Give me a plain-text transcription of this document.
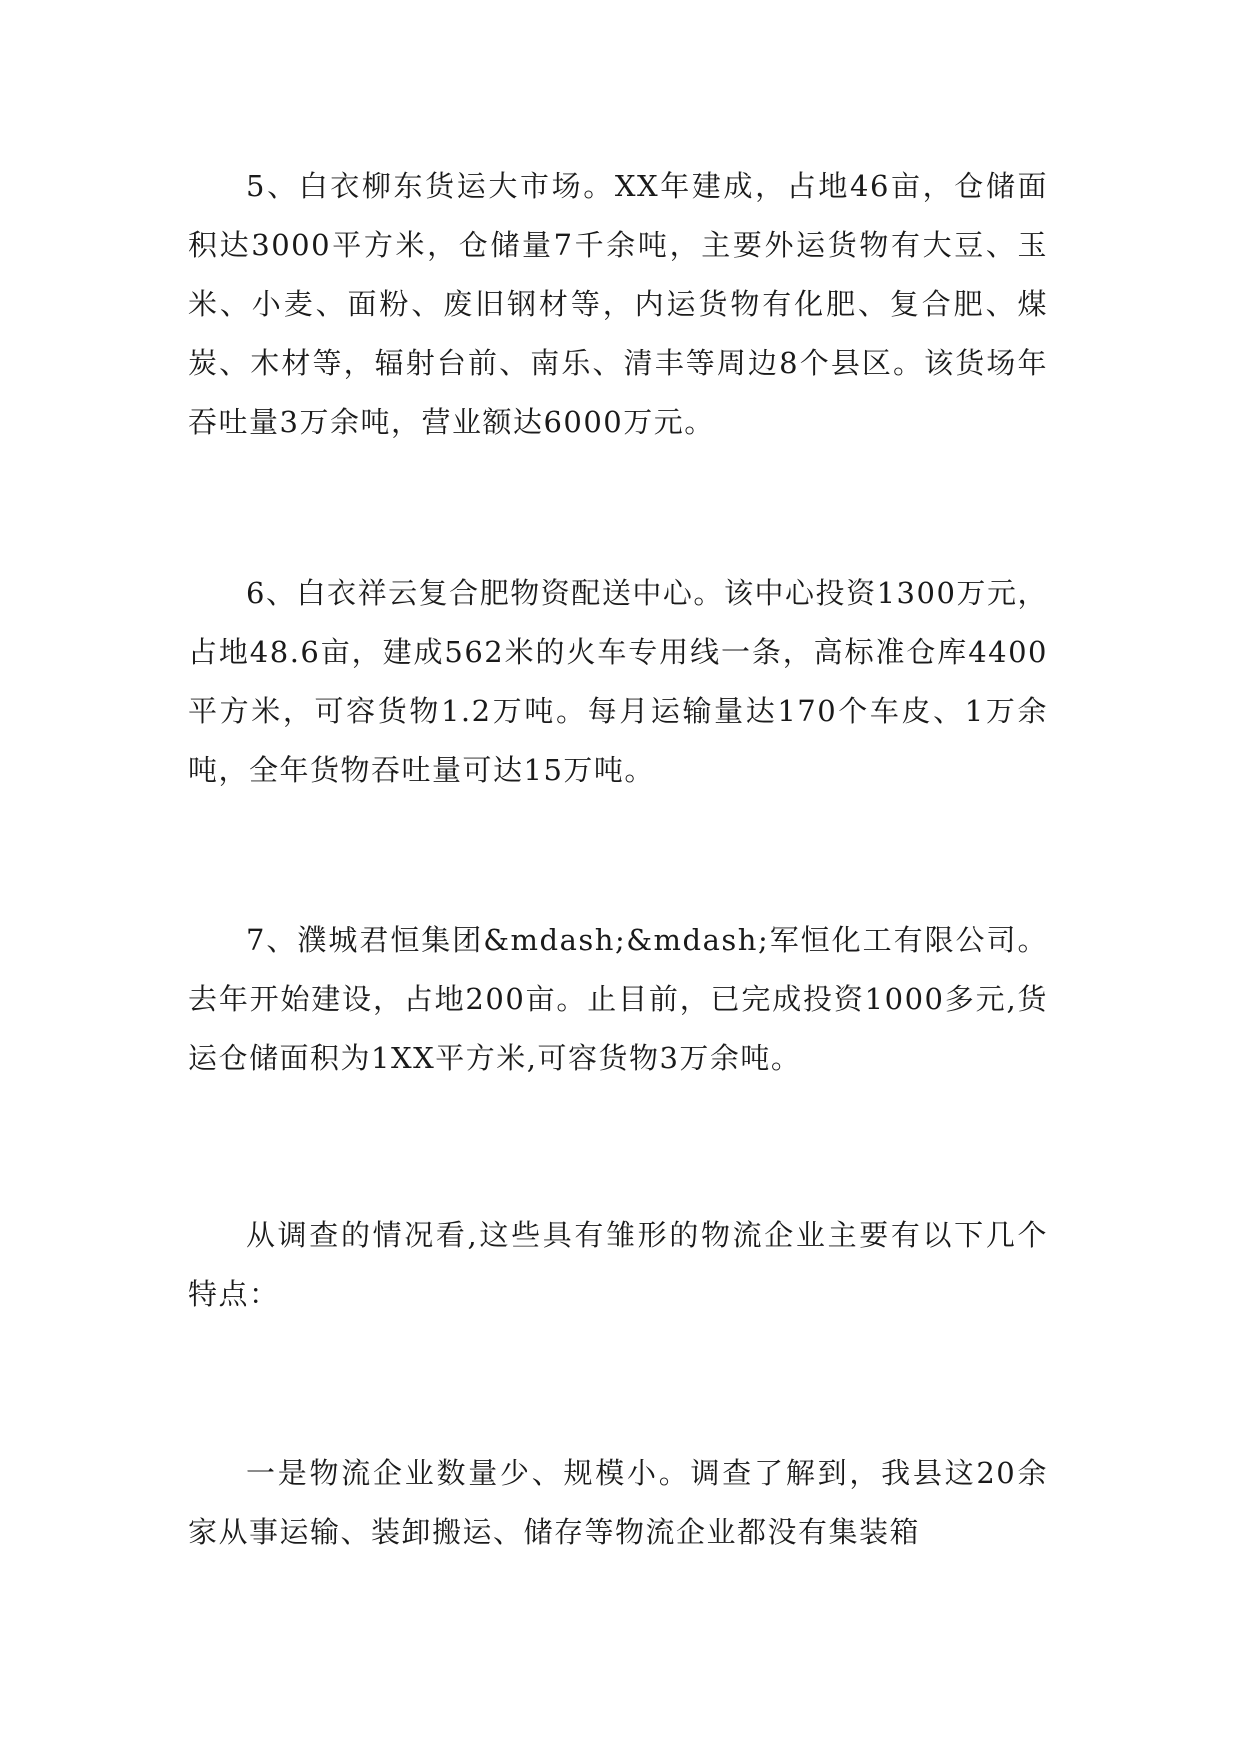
5、白衣柳东货运大市场。XX年建成，占地46亩，仓储面积达3000平方米，仓储量7千余吨，主要外运货物有大豆、玉米、小麦、面粉、废旧钢材等，内运货物有化肥、复合肥、煤炭、木材等，辐射台前、南乐、清丰等周边8个县区。该货场年吞吐量3万余吨，营业额达6000万元。

6、白衣祥云复合肥物资配送中心。该中心投资1300万元，占地48.6亩，建成562米的火车专用线一条，高标准仓库4400平方米，可容货物1.2万吨。每月运输量达170个车皮、1万余吨，全年货物吞吐量可达15万吨。

7、濮城君恒集团&mdash;&mdash;军恒化工有限公司。去年开始建设，占地200亩。止目前，已完成投资1000多元,货运仓储面积为1XX平方米,可容货物3万余吨。

从调查的情况看,这些具有雏形的物流企业主要有以下几个特点：

一是物流企业数量少、规模小。调查了解到，我县这20余家从事运输、装卸搬运、储存等物流企业都没有集装箱
